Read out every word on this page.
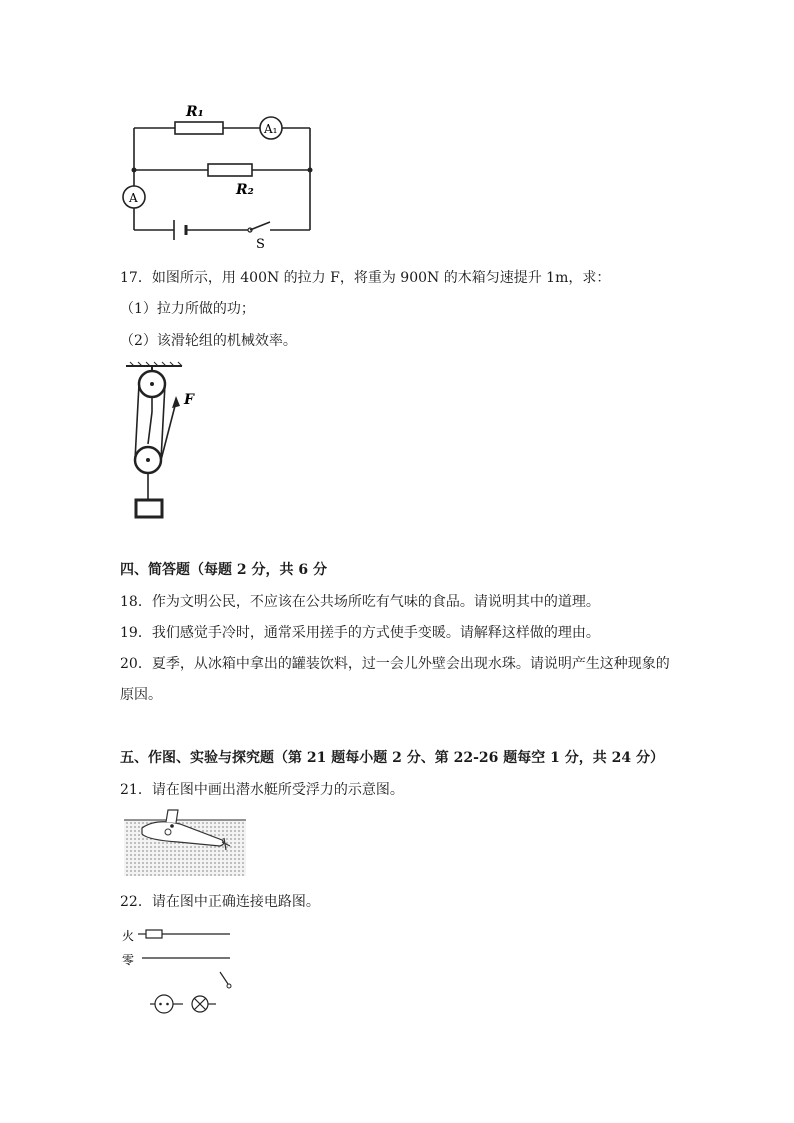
R₁
A₁
R₂
A
S
17．如图所示，用 400N 的拉力 F，将重为 900N 的木箱匀速提升 1m，求：
（1）拉力所做的功；
（2）该滑轮组的机械效率。
F
四、简答题（每题 2 分，共 6 分
18．作为文明公民，不应该在公共场所吃有气味的食品。请说明其中的道理。
19．我们感觉手冷时，通常采用搓手的方式使手变暖。请解释这样做的理由。
20．夏季，从冰箱中拿出的罐装饮料，过一会儿外壁会出现水珠。请说明产生这种现象的原因。
五、作图、实验与探究题（第 21 题每小题 2 分、第 22-26 题每空 1 分，共 24 分）
21．请在图中画出潜水艇所受浮力的示意图。
22．请在图中正确连接电路图。
火
零
